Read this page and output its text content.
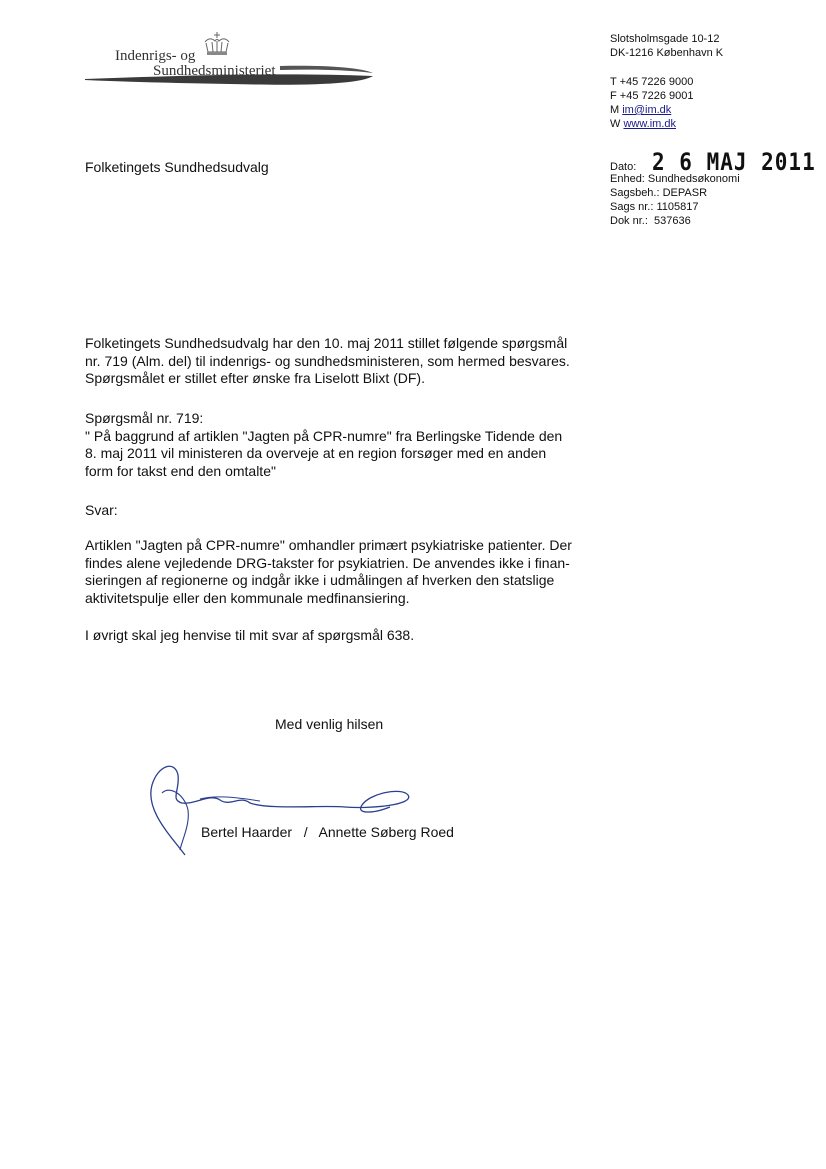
Indenrigs- og
Sundhedsministeriet
Slotsholmsgade 10-12
DK-1216 København K
T +45 7226 9000
F +45 7226 9001
M im@im.dk
W www.im.dk
Folketingets Sundhedsudvalg	Dato: 2 6 MAJ 2011
Enhed: Sundhedsøkonomi
Sagsbeh.: DEPASR
Sags nr.: 1105817
Dok nr.: 537636

Folketingets Sundhedsudvalg har den 10. maj 2011 stillet følgende spørgsmål

nr. 719 (Alm. del) til indenrigs- og sundhedsministeren, som hermed besvares.

Spørgsmålet er stillet efter ønske fra Liselott Blixt (DF).

Spørgsmål nr. 719:

" På baggrund af artiklen "Jagten på CPR-numre" fra Berlingske Tidende den

8. maj 2011 vil ministeren da overveje at en region forsøger med en anden

form for takst end den omtalte"

Svar:

Artiklen "Jagten på CPR-numre" omhandler primært psykiatriske patienter. Der

findes alene vejledende DRG-takster for psykiatrien. De anvendes ikke i finan-

sieringen af regionerne og indgår ikke i udmålingen af hverken den statslige

aktivitetspulje eller den kommunale medfinansiering.

I øvrigt skal jeg henvise til mit svar af spørgsmål 638.
Med venlig hilsen
Bertel Haarder / Annette Søberg Roed
